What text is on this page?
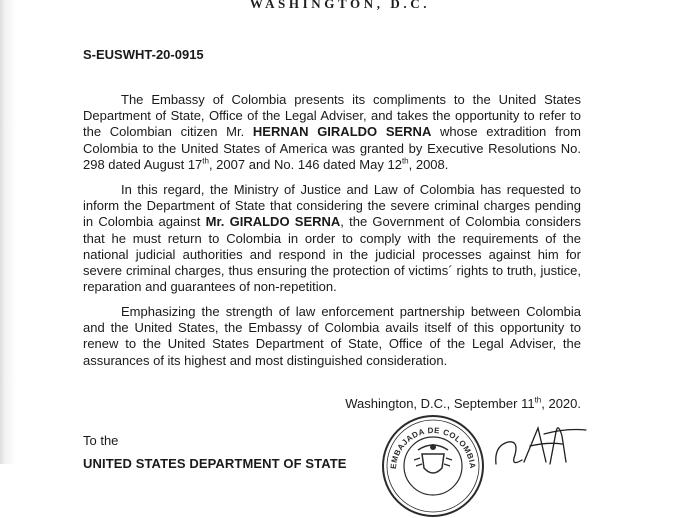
WASHINGTON, D.C.
S-EUSWHT-20-0915

The Embassy of Colombia presents its compliments to the United States Department of State, Office of the Legal Adviser, and takes the opportunity to refer to the Colombian citizen Mr. HERNAN GIRALDO SERNA whose extradition from Colombia to the United States of America was granted by Executive Resolutions No. 298 dated August 17th, 2007 and No. 146 dated May 12th, 2008.

In this regard, the Ministry of Justice and Law of Colombia has requested to inform the Department of State that considering the severe criminal charges pending in Colombia against Mr. GIRALDO SERNA, the Government of Colombia considers that he must return to Colombia in order to comply with the requirements of the national judicial authorities and respond in the judicial processes against him for severe criminal charges, thus ensuring the protection of victims´ rights to truth, justice, reparation and guarantees of non-repetition.

Emphasizing the strength of law enforcement partnership between Colombia and the United States, the Embassy of Colombia avails itself of this opportunity to renew to the United States Department of State, Office of the Legal Adviser, the assurances of its highest and most distinguished consideration.

Washington, D.C., September 11th, 2020.
To the
UNITED STATES DEPARTMENT OF STATE	EMBAJADA DE COLOMBIA
